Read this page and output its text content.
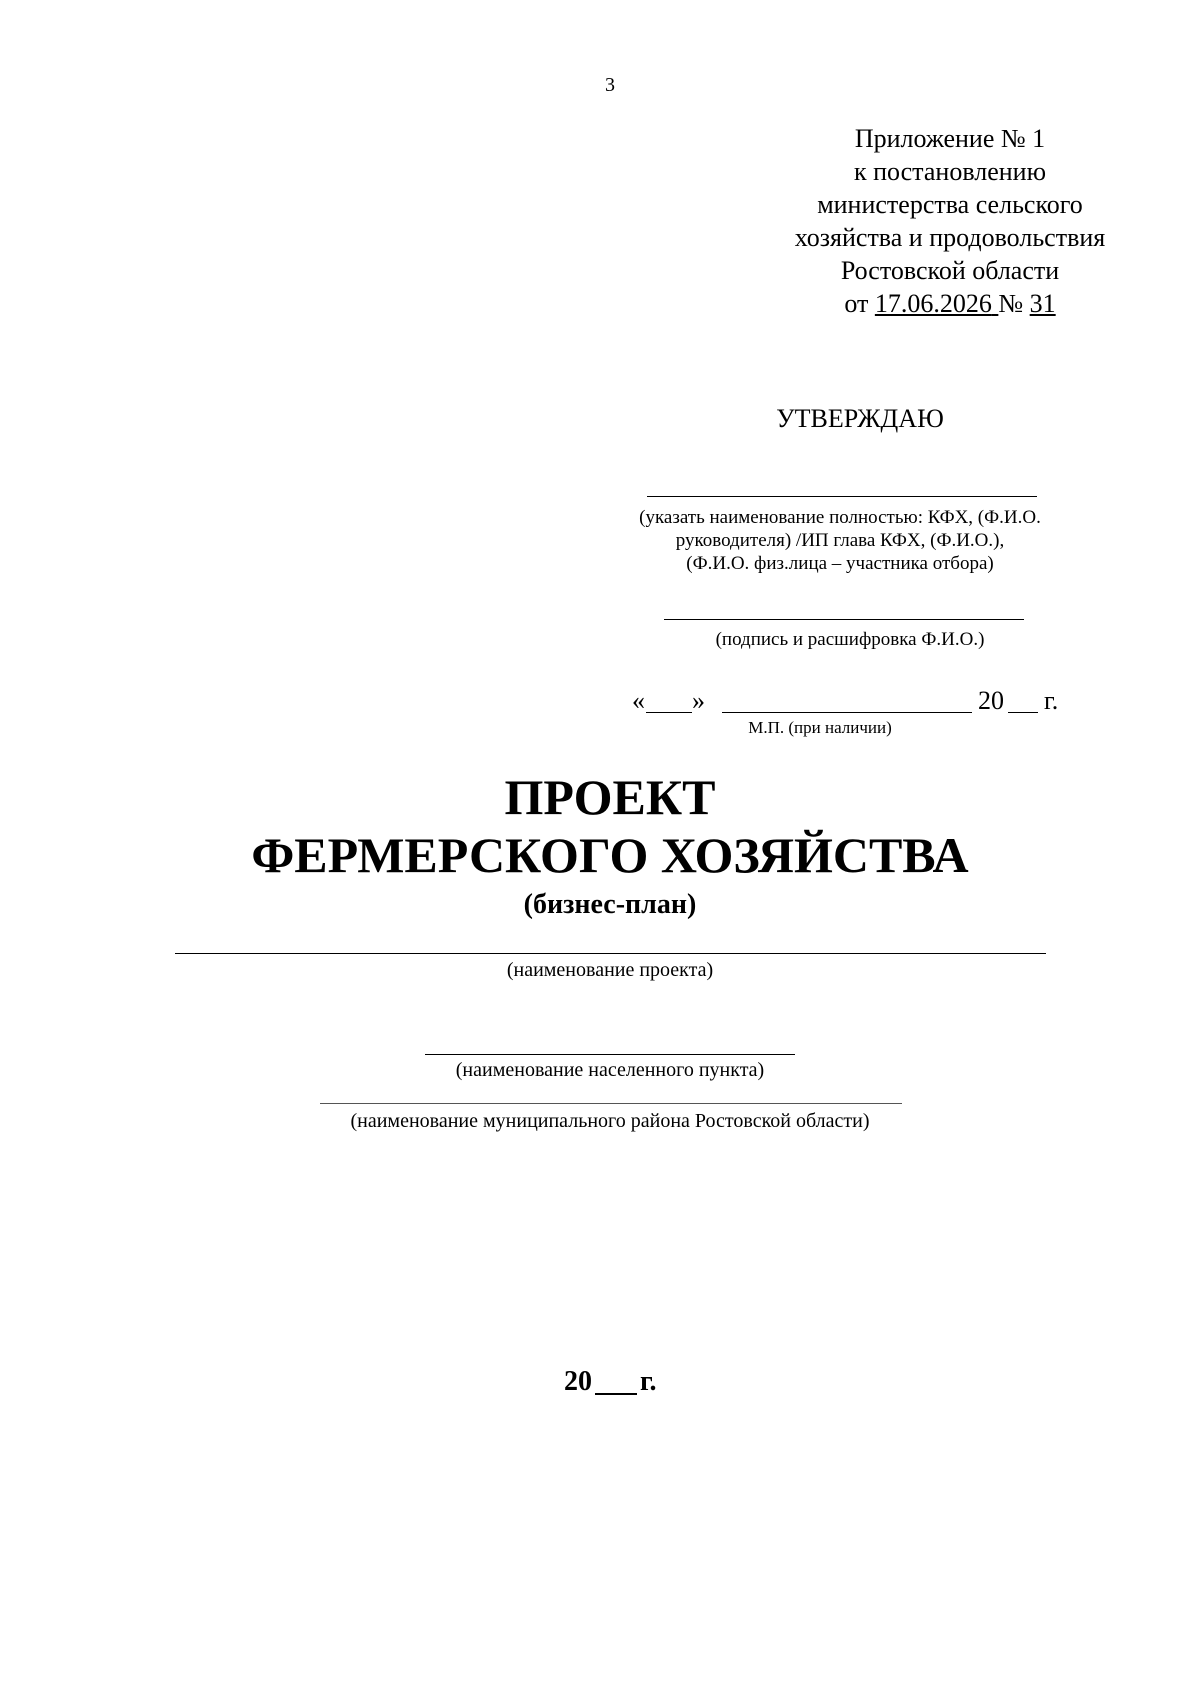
3
Приложение № 1
к постановлению
министерства сельского
хозяйства и продовольствия
Ростовской области
от 17.06.2026 № 31
УТВЕРЖДАЮ
(указать наименование полностью: КФХ, (Ф.И.О.
руководителя) /ИП глава КФХ, (Ф.И.О.),
(Ф.И.О. физ.лица – участника отбора)
(подпись и расшифровка Ф.И.О.)
« »	20 г.
М.П. (при наличии)
ПРОЕКТ
ФЕРМЕРСКОГО ХОЗЯЙСТВА
(бизнес-план)
(наименование проекта)
(наименование населенного пункта)
(наименование муниципального района Ростовской области)
20 г.
